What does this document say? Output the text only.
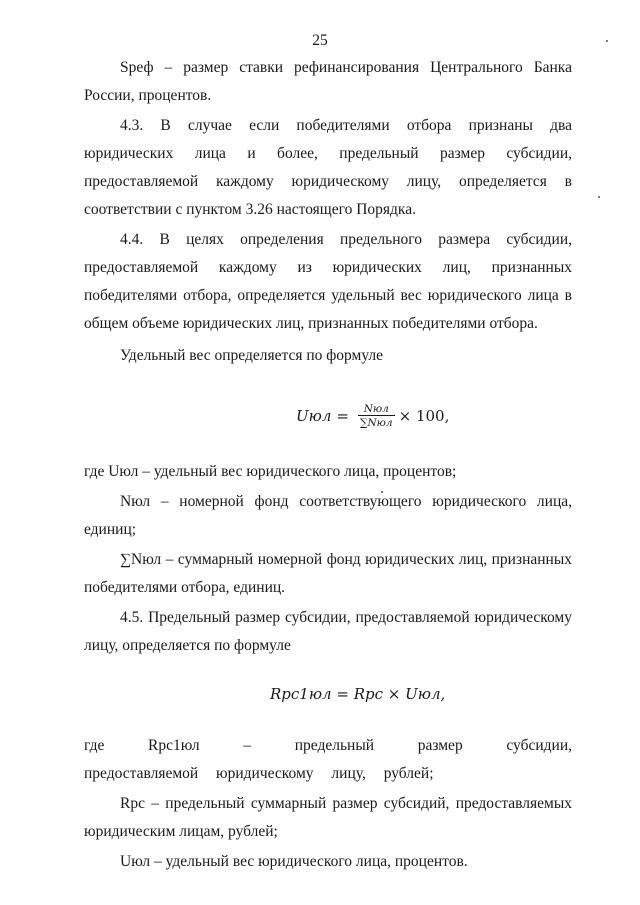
25

Sреф – размер ставки рефинансирования Центрального Банка России, процентов.

4.3. В случае если победителями отбора признаны два юридических лица и более, предельный размер субсидии, предоставляемой каждому юридическому лицу, определяется в соответствии с пунктом 3.26 настоящего Порядка.

4.4. В целях определения предельного размера субсидии, предоставляемой каждому из юридических лиц, признанных победителями отбора, определяется удельный вес юридического лица в общем объеме юридических лиц, признанных победителями отбора.

Удельный вес определяется по формуле

Uюл = $\frac{\text{Nюл}}{\text{∑Nюл}} \times 100$,

где Uюл – удельный вес юридического лица, процентов;

Nюл – номерной фонд соответствующего юридического лица, единиц;

∑Nюл – суммарный номерной фонд юридических лиц, признанных победителями отбора, единиц.

4.5. Предельный размер субсидии, предоставляемой юридическому лицу, определяется по формуле

Rpc1юл = Rpc × Uюл,

где Rpc1юл – предельный размер субсидии, предоставляемой юридическому лицу, рублей;

Rpc – предельный суммарный размер субсидий, предоставляемых юридическим лицам, рублей;

Uюл – удельный вес юридического лица, процентов.
